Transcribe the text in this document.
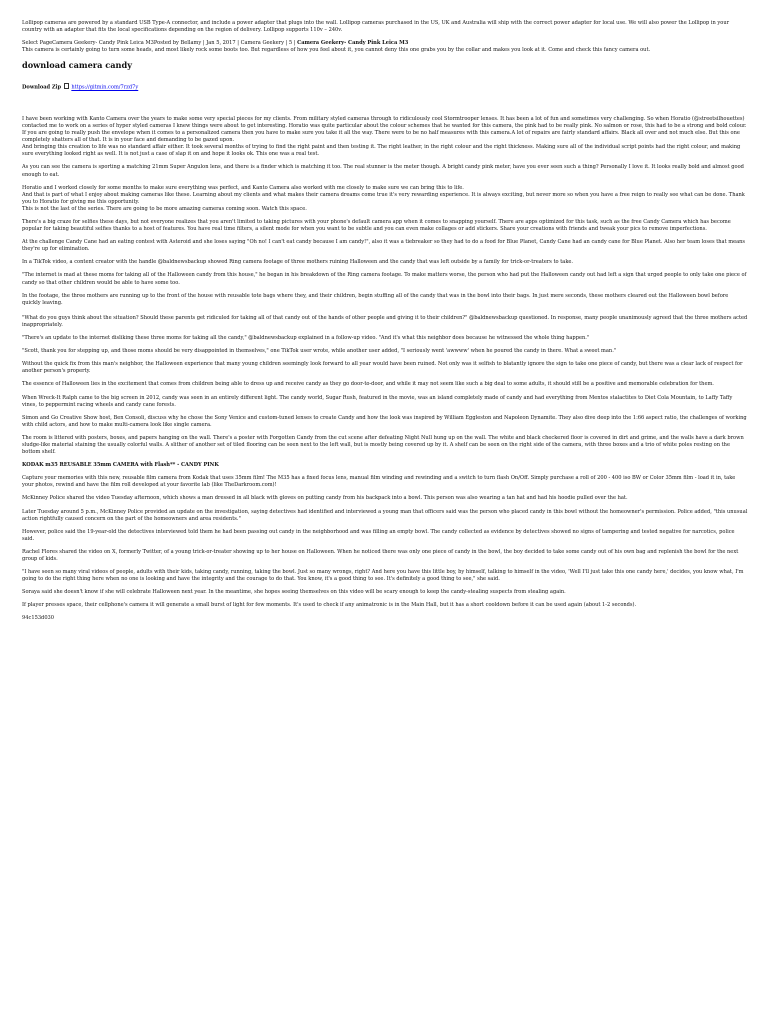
Lollipop cameras are powered by a standard USB Type-A connector, and include a power adapter that plugs into the wall. Lollipop cameras purchased in the US, UK and Australia will ship with the correct power adapter for local use. We will also power the Lollipop in your country with an adapter that fits the local specifications depending on the region of delivery. Lollipop supports 110v – 240v.

Select PageCamera Geekery- Candy Pink Leica M3Posted by Bellamy | Jan 5, 2017 | Camera Geekery | 5 | Camera Geekery- Candy Pink Leica M3

This camera is certainly going to turn some heads, and most likely rock some boots too. But regardless of how you feel about it, you cannot deny this one grabs you by the collar and makes you look at it. Come and check this fancy camera out.

download camera candy
Download Zip https://gitmin.com/7rzd7y

I have been working with Kanto Camera over the years to make some very special pieces for my clients. From military styled cameras through to ridiculously cool Stormtrooper lenses. It has been a lot of fun and sometimes very challenging. So when Horatio (@streetsilhouettes) contacted me to work on a series of hyper styled cameras I knew things were about to get interesting. Horatio was quite particular about the colour schemes that he wanted for this camera, the pink had to be really pink. No salmon or rose, this had to be a strong and bold colour. If you are going to really push the envelope when it comes to a personalized camera then you have to make sure you take it all the way. There were to be no half measures with this camera.A lot of repairs are fairly standard affairs. Black all over and not much else. But this one completely shatters all of that. It is in your face and demanding to be gazed upon.

And bringing this creation to life was no standard affair either. It took several months of trying to find the right paint and then testing it. The right leather, in the right colour and the right thickness. Making sure all of the individual script points had the right colour, and making sure everything looked right as well. It is not just a case of slap it on and hope it looks ok. This one was a real test.

As you can see the camera is sporting a matching 21mm Super Angulon lens, and there is a finder which is matching it too. The real stunner is the meter though. A bright candy pink meter, have you ever seen such a thing? Personally I love it. It looks really bold and almost good enough to eat.

Horatio and I worked closely for some months to make sure everything was perfect, and Kanto Camera also worked with me closely to make sure we can bring this to life.

And that is part of what I enjoy about making cameras like these. Learning about my clients and what makes their camera dreams come true it's very rewarding experience. It is always exciting, but never more so when you have a free reign to really see what can be done. Thank you to Horatio for giving me this opportunity.

This is not the last of the series. There are going to be more amazing cameras coming soon. Watch this space.

There's a big craze for selfies these days, but not everyone realizes that you aren't limited to taking pictures with your phone's default camera app when it comes to snapping yourself. There are apps optimized for this task, such as the free Candy Camera which has become popular for taking beautiful selfies thanks to a host of features. You have real time filters, a silent mode for when you want to be subtle and you can even make collages or add stickers. Share your creations with friends and tweak your pics to remove imperfections.

At the challenge Candy Cane had an eating contest with Asteroid and she loses saying "Oh no! I can't eat candy because I am candy!", also it was a tiebreaker so they had to do a food for Blue Planet, Candy Cane had an candy cane for Blue Planet. Also her team loses that means they're up for elimination.

In a TikTok video, a content creator with the handle @baldnewsbackup showed Ring camera footage of three mothers ruining Halloween and the candy that was left outside by a family for trick-or-treaters to take.

"The internet is mad at these moms for taking all of the Halloween candy from this house," he began in his breakdown of the Ring camera footage. To make matters worse, the person who had put the Halloween candy out had left a sign that urged people to only take one piece of candy so that other children would be able to have some too.

In the footage, the three mothers are running up to the front of the house with reusable tote bags where they, and their children, begin stuffing all of the candy that was in the bowl into their bags. In just mere seconds, these mothers cleared out the Halloween bowl before quickly leaving.

"What do you guys think about the situation? Should these parents get ridiculed for taking all of that candy out of the hands of other people and giving it to their children?" @baldnewsbackup questioned. In response, many people unanimously agreed that the three mothers acted inappropriately.

"There's an update to the internet disliking these three moms for taking all the candy," @baldnewsbackup explained in a follow-up video. "And it's what this neighbor does because he witnessed the whole thing happen."

"Scott, thank you for stepping up, and those moms should be very disappointed in themselves," one TikTok user wrote, while another user added, "I seriously went 'awwww' when he poured the candy in there. What a sweet man."

Without the quick fix from this man's neighbor, the Halloween experience that many young children seemingly look forward to all year would have been ruined. Not only was it selfish to blatantly ignore the sign to take one piece of candy, but there was a clear lack of respect for another person's property.

The essence of Halloween lies in the excitement that comes from children being able to dress up and receive candy as they go door-to-door, and while it may not seem like such a big deal to some adults, it should still be a positive and memorable celebration for them.

When Wreck-It Ralph came to the big screen in 2012, candy was seen in an entirely different light. The candy world, Sugar Rush, featured in the movie, was an island completely made of candy and had everything from Mentos stalactites to Diet Cola Mountain, to Laffy Taffy vines, to peppermint racing wheels and candy cane forests.

Simon and Go Creative Show host, Ben Consoli, discuss why he chose the Sony Venice and custom-tuned lenses to create Candy and how the look was inspired by William Eggleston and Napoleon Dynamite. They also dive deep into the 1:66 aspect ratio, the challenges of working with child actors, and how to make multi-camera look like single camera.

The room is littered with posters, boxes, and papers hanging on the wall. There's a poster with Forgotten Candy from the cut scene after defeating Night Null hung up on the wall. The white and black checkered floor is covered in dirt and grime, and the walls have a dark brown sludge-like material staining the usually colorful walls. A slither of another set of tiled flooring can be seen next to the left wall, but is mostly being covered up by it. A shelf can be seen on the right side of the camera, with three boxes and a trio of white poles resting on the bottom shelf.

KODAK m35 REUSABLE 35mm CAMERA with Flash** - CANDY PINK

Capture your memories with this new, reusable film camera from Kodak that uses 35mm film! The M35 has a fixed focus lens, manual film winding and rewinding and a switch to turn flash On/Off. Simply purchase a roll of 200 - 400 iso BW or Color 35mm film - load it in, take your photos, rewind and have the film roll developed at your favorite lab (like TheDarkroom.com)!

McKinney Police shared the video Tuesday afternoon, which shows a man dressed in all black with gloves on putting candy from his backpack into a bowl. This person was also wearing a tan hat and had his hoodie pulled over the hat.

Later Tuesday around 5 p.m., McKinney Police provided an update on the investigation, saying detectives had identified and interviewed a young man that officers said was the person who placed candy in this bowl without the homeowner's permission. Police added, "this unusual action rightfully caused concern on the part of the homeowners and area residents."

However, police said the 19-year-old the detectives interviewed told them he had been passing out candy in the neighborhood and was filling an empty bowl. The candy collected as evidence by detectives showed no signs of tampering and tested negative for narcotics, police said.

Rachel Flores shared the video on X, formerly Twitter, of a young trick-or-treater showing up to her house on Halloween. When he noticed there was only one piece of candy in the bowl, the boy decided to take some candy out of his own bag and replenish the bowl for the next group of kids.

"I have seen so many viral videos of people, adults with their kids, taking candy, running, taking the bowl. Just so many wrongs, right? And here you have this little boy, by himself, talking to himself in the video, 'Well I'll just take this one candy here,' decides, you know what, I'm going to do the right thing here when no one is looking and have the integrity and the courage to do that. You know, it's a good thing to see. It's definitely a good thing to see," she said.

Soraya said she doesn't know if she will celebrate Halloween next year. In the meantime, she hopes seeing themselves on this video will be scary enough to keep the candy-stealing suspects from stealing again.

If player presses space, their cellphone's camera it will generate a small burst of light for few moments. It's used to check if any animatronic is in the Main Hall, but it has a short cooldown before it can be used again (about 1-2 seconds).

94c153d030
